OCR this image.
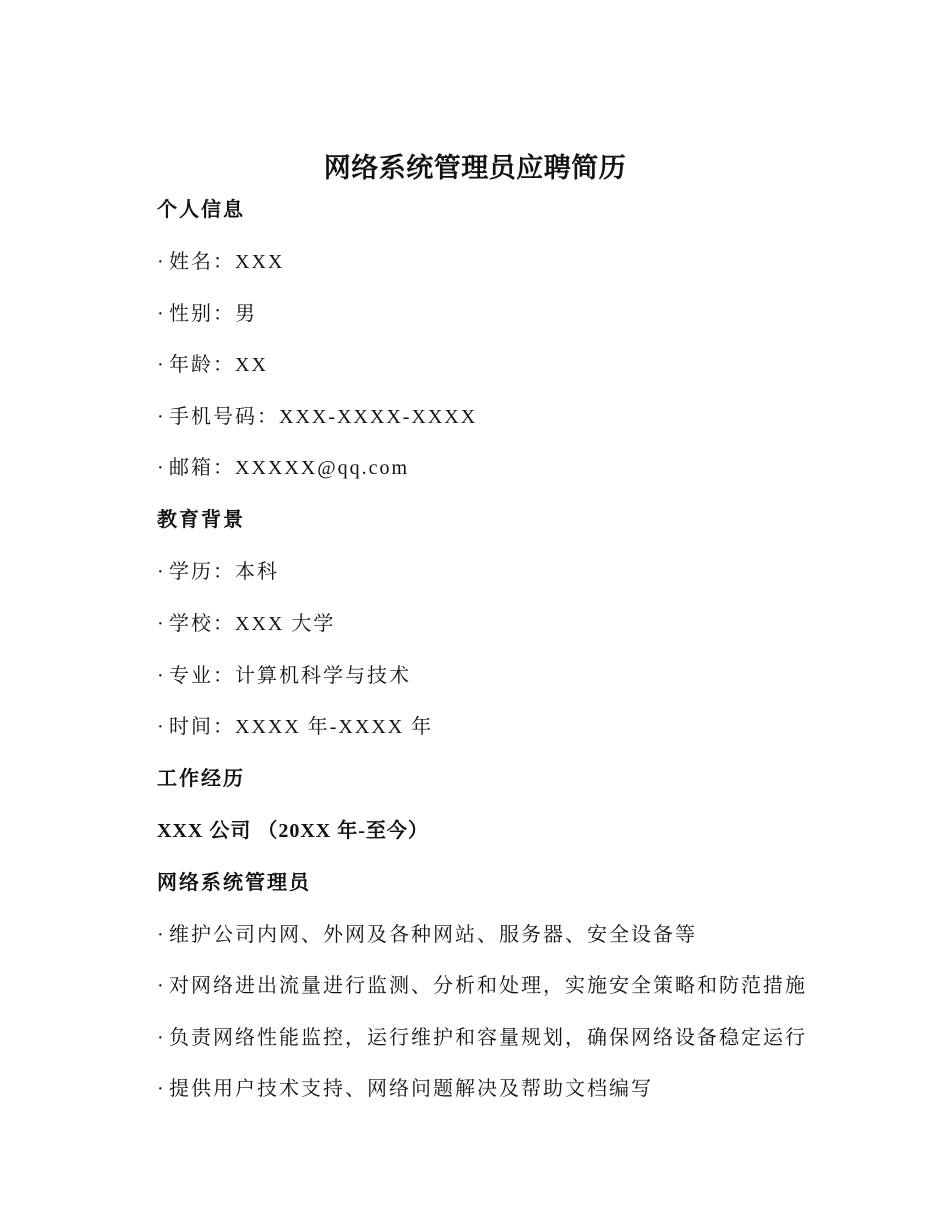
网络系统管理员应聘简历
个人信息
· 姓名：XXX
· 性别：男
· 年龄：XX
· 手机号码：XXX-XXXX-XXXX
· 邮箱：XXXXX@qq.com
教育背景
· 学历：本科
· 学校：XXX 大学
· 专业：计算机科学与技术
· 时间：XXXX 年-XXXX 年
工作经历
XXX 公司 （20XX 年-至今）
网络系统管理员
· 维护公司内网、外网及各种网站、服务器、安全设备等
· 对网络进出流量进行监测、分析和处理，实施安全策略和防范措施
· 负责网络性能监控，运行维护和容量规划，确保网络设备稳定运行
· 提供用户技术支持、网络问题解决及帮助文档编写
